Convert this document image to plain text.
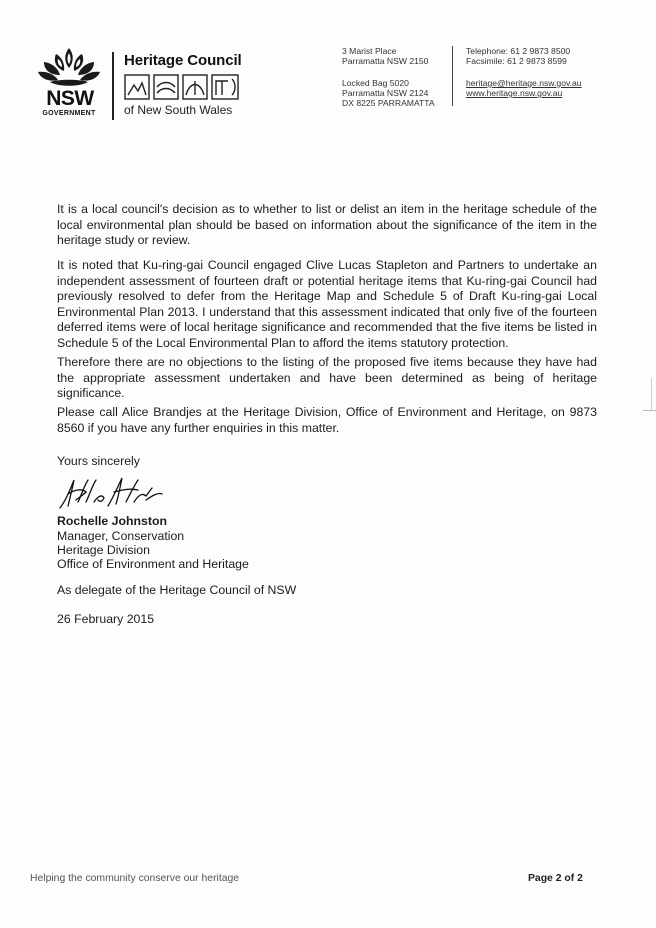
NSW
GOVERNMENT
Heritage Council
of New South Wales
3 Marist Place
Parramatta NSW 2150
Locked Bag 5020
Parramatta NSW 2124
DX 8225 PARRAMATTA
Telephone: 61 2 9873 8500
Facsimile: 61 2 9873 8599
heritage@heritage.nsw.gov.au
www.heritage.nsw.gov.au

It is a local council's decision as to whether to list or delist an item in the heritage schedule of the local environmental plan should be based on information about the significance of the item in the heritage study or review.

It is noted that Ku-ring-gai Council engaged Clive Lucas Stapleton and Partners to undertake an independent assessment of fourteen draft or potential heritage items that Ku-ring-gai Council had previously resolved to defer from the Heritage Map and Schedule 5 of Draft Ku-ring-gai Local Environmental Plan 2013. I understand that this assessment indicated that only five of the fourteen deferred items were of local heritage significance and recommended that the five items be listed in Schedule 5 of the Local Environmental Plan to afford the items statutory protection.

Therefore there are no objections to the listing of the proposed five items because they have had the appropriate assessment undertaken and have been determined as being of heritage significance.

Please call Alice Brandjes at the Heritage Division, Office of Environment and Heritage, on 9873 8560 if you have any further enquiries in this matter.

Yours sincerely
Rochelle Johnston
Manager, Conservation
Heritage Division
Office of Environment and Heritage
As delegate of the Heritage Council of NSW
26 February 2015
Helping the community conserve our heritage	Page 2 of 2
